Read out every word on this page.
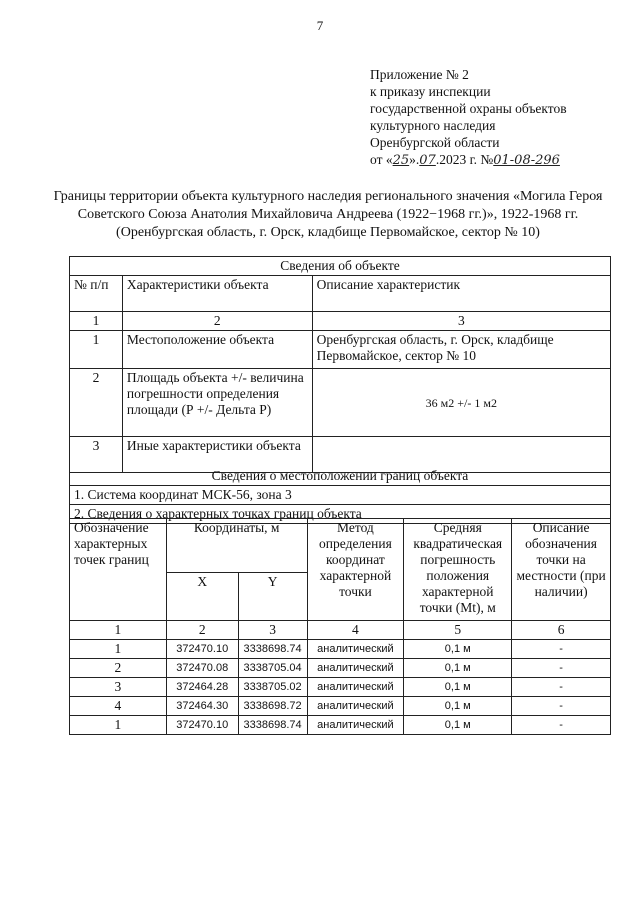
7
Приложение № 2
к приказу инспекции
государственной охраны объектов
культурного наследия
Оренбургской области
от «25».07.2023 г. №01-08-296
Границы территории объекта культурного наследия регионального значения «Могила Героя Советского Союза Анатолия Михайловича Андреева (1922−1968 гг.)», 1922-1968 гг. (Оренбургская область, г. Орск, кладбище Первомайское, сектор № 10)
Сведения об объекте		
№ п/п	Характеристики объекта	Описание характеристик
1	2	3
1	Местоположение объекта	Оренбургская область, г. Орск, кладбище Первомайское, сектор № 10
2	Площадь объекта +/- величина погрешности определения площади (Р +/- Дельта Р)	36 м2 +/- 1 м2
3	Иные характеристики объекта	
Сведения о местоположении границ объекта
1. Система координат МСК-56, зона 3
2. Сведения о характерных точках границ объекта
Обозначение характерных точек границ	Координаты, м		Метод определения координат характерной точки	Средняя квадратическая погрешность положения характерной точки (Mt), м	Описание обозначения точки на местности (при наличии)
	X	Y			
1	2	3	4	5	6
1	372470.10	3338698.74	аналитический	0,1 м	-
2	372470.08	3338705.04	аналитический	0,1 м	-
3	372464.28	3338705.02	аналитический	0,1 м	-
4	372464.30	3338698.72	аналитический	0,1 м	-
1	372470.10	3338698.74	аналитический	0,1 м	-
